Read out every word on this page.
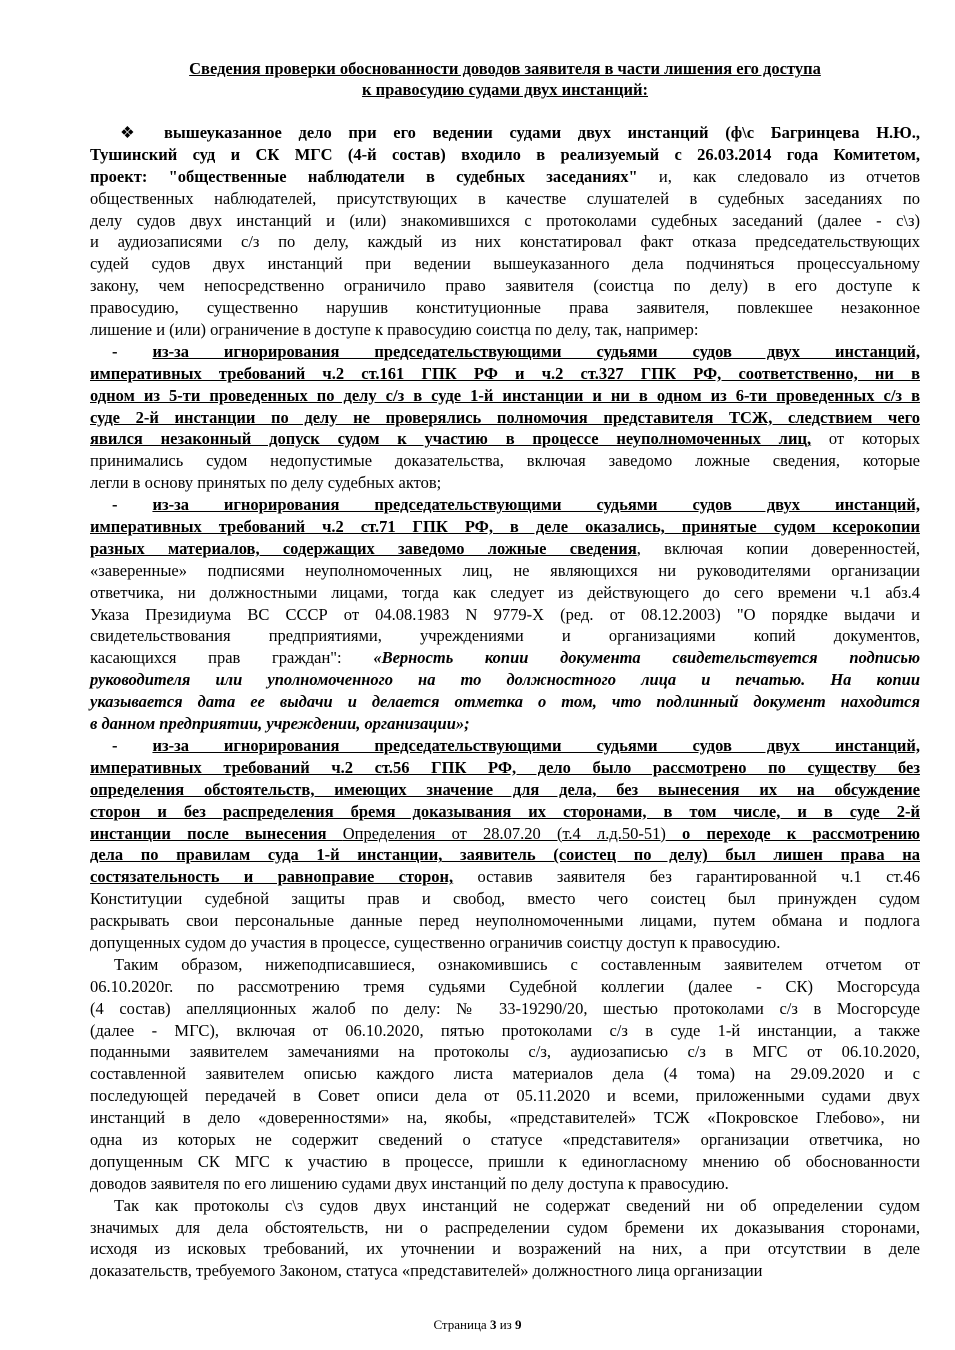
Сведения проверки обоснованности доводов заявителя в части лишения его доступа
к правосудию судами двух инстанций:
❖ вышеуказанное дело при его ведении судами двух инстанций (ф\с Багринцева Н.Ю.,
Тушинский суд и СК МГС (4-й состав) входило в реализуемый с 26.03.2014 года Комитетом,
проект: "общественные наблюдатели в судебных заседаниях" и, как следовало из отчетов
общественных наблюдателей, присутствующих в качестве слушателей в судебных заседаниях по
делу судов двух инстанций и (или) знакомившихся с протоколами судебных заседаний (далее - с\з)
и аудиозаписями с/з по делу, каждый из них констатировал факт отказа председательствующих
судей судов двух инстанций при ведении вышеуказанного дела подчиняться процессуальному
закону, чем непосредственно ограничило право заявителя (соистца по делу) в его доступе к
правосудию, существенно нарушив конституционные права заявителя, повлекшее незаконное
лишение и (или) ограничение в доступе к правосудию соистца по делу, так, например:
- из-за игнорирования председательствующими судьями судов двух инстанций,
императивных требований ч.2 ст.161 ГПК РФ и ч.2 ст.327 ГПК РФ, соответственно, ни в
одном из 5-ти проведенных по делу с/з в суде 1-й инстанции и ни в одном из 6-ти проведенных с/з в
суде 2-й инстанции по делу не проверялись полномочия представителя ТСЖ, следствием чего
явился незаконный допуск судом к участию в процессе неуполномоченных лиц, от которых
принимались судом недопустимые доказательства, включая заведомо ложные сведения, которые
легли в основу принятых по делу судебных актов;
- из-за игнорирования председательствующими судьями судов двух инстанций,
императивных требований ч.2 ст.71 ГПК РФ, в деле оказались, принятые судом ксерокопии
разных материалов, содержащих заведомо ложные сведения, включая копии доверенностей,
«заверенные» подписями неуполномоченных лиц, не являющихся ни руководителями организации
ответчика, ни должностными лицами, тогда как следует из действующего до сего времени ч.1 абз.4
Указа Президиума ВС СССР от 04.08.1983 N 9779-X (ред. от 08.12.2003) "О порядке выдачи и
свидетельствования предприятиями, учреждениями и организациями копий документов,
касающихся прав граждан": «Верность копии документа свидетельствуется подписью
руководителя или уполномоченного на то должностного лица и печатью. На копии
указывается дата ее выдачи и делается отметка о том, что подлинный документ находится
в данном предприятии, учреждении, организации»;
- из-за игнорирования председательствующими судьями судов двух инстанций,
императивных требований ч.2 ст.56 ГПК РФ, дело было рассмотрено по существу без
определения обстоятельств, имеющих значение для дела, без вынесения их на обсуждение
сторон и без распределения бремя доказывания их сторонами, в том числе, и в суде 2-й
инстанции после вынесения Определения от 28.07.20 (т.4 л.д.50-51) о переходе к рассмотрению
дела по правилам суда 1-й инстанции, заявитель (соистец по делу) был лишен права на
состязательность и равноправие сторон, оставив заявителя без гарантированной ч.1 ст.46
Конституции судебной защиты прав и свобод, вместо чего соистец был принужден судом
раскрывать свои персональные данные перед неуполномоченными лицами, путем обмана и подлога
допущенных судом до участия в процессе, существенно ограничив соистцу доступ к правосудию.
Таким образом, нижеподписавшиеся, ознакомившись с составленным заявителем отчетом от
06.10.2020г. по рассмотрению тремя судьями Судебной коллегии (далее - СК) Мосгорсуда
(4 состав) апелляционных жалоб по делу: № 33-19290/20, шестью протоколами с/з в Мосгорсуде
(далее - МГС), включая от 06.10.2020, пятью протоколами с/з в суде 1-й инстанции, а также
поданными заявителем замечаниями на протоколы с/з, аудиозаписью с/з в МГС от 06.10.2020,
составленной заявителем описью каждого листа материалов дела (4 тома) на 29.09.2020 и с
последующей передачей в Совет описи дела от 05.11.2020 и всеми, приложенными судами двух
инстанций в дело «доверенностями» на, якобы, «представителей» ТСЖ «Покровское Глебово», ни
одна из которых не содержит сведений о статусе «представителя» организации ответчика, но
допущенным СК МГС к участию в процессе, пришли к единогласному мнению об обоснованности
доводов заявителя по его лишению судами двух инстанций по делу доступа к правосудию.
Так как протоколы с\з судов двух инстанций не содержат сведений ни об определении судом
значимых для дела обстоятельств, ни о распределении судом бремени их доказывания сторонами,
исходя из исковых требований, их уточнении и возражений на них, а при отсутствии в деле
доказательств, требуемого Законом, статуса «представителей» должностного лица организации
Страница 3 из 9
